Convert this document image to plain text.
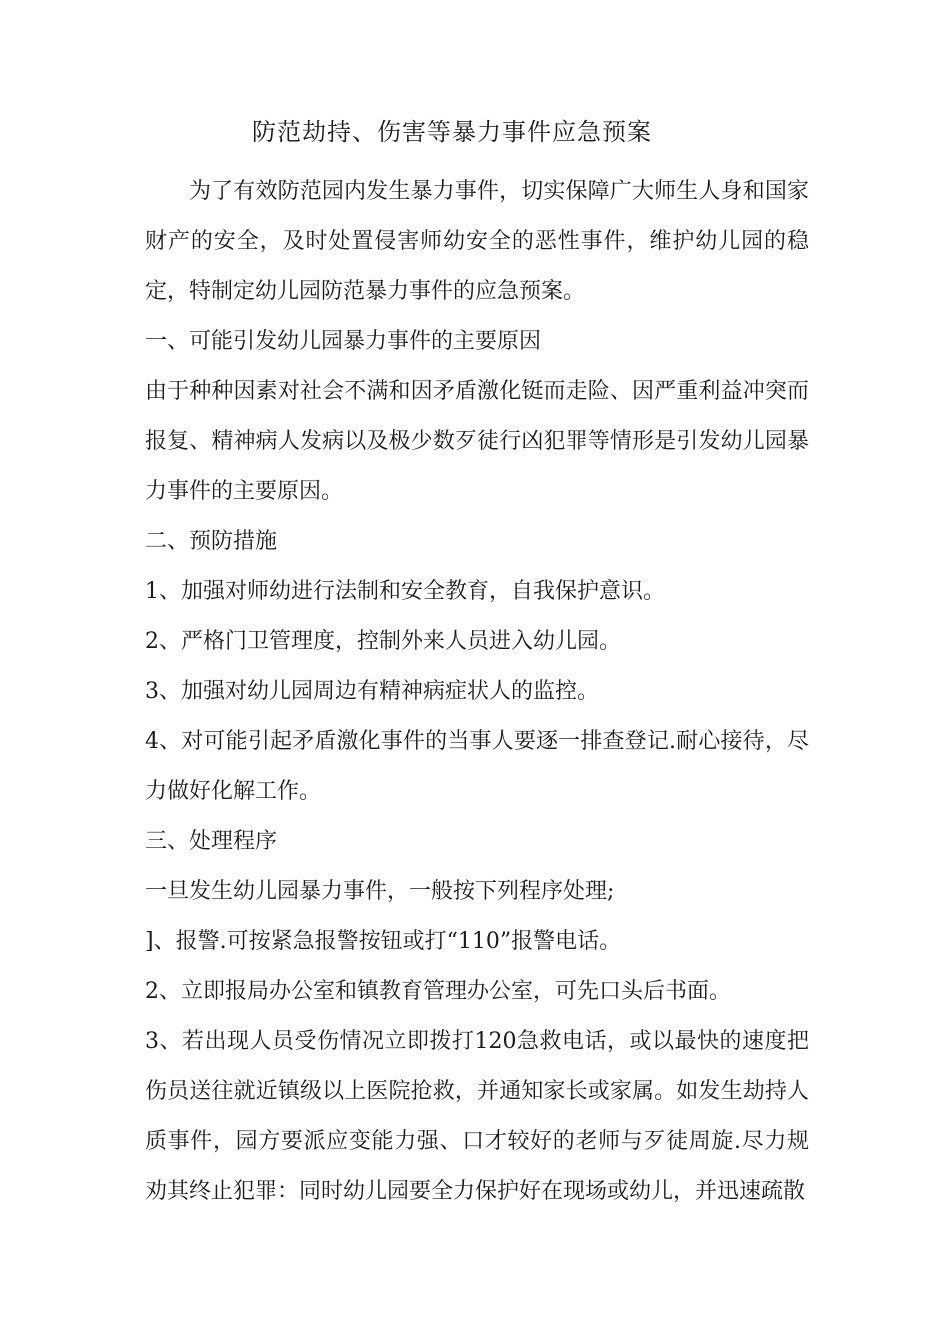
防范劫持、伤害等暴力事件应急预案

为了有效防范园内发生暴力事件，切实保障广大师生人身和国家财产的安全，及时处置侵害师幼安全的恶性事件，维护幼儿园的稳定，特制定幼儿园防范暴力事件的应急预案。

一、可能引发幼儿园暴力事件的主要原因

由于种种因素对社会不满和因矛盾激化铤而走险、因严重利益冲突而报复、精神病人发病以及极少数歹徒行凶犯罪等情形是引发幼儿园暴力事件的主要原因。

二、预防措施

1、加强对师幼进行法制和安全教育，自我保护意识。

2、严格门卫管理度，控制外来人员进入幼儿园。

3、加强对幼儿园周边有精神病症状人的监控。

4、对可能引起矛盾激化事件的当事人要逐一排查登记.耐心接待，尽力做好化解工作。

三、处理程序

一旦发生幼儿园暴力事件，一般按下列程序处理;

]、报警.可按紧急报警按钮或打“110”报警电话。

2、立即报局办公室和镇教育管理办公室，可先口头后书面。

3、若出现人员受伤情况立即拨打120急救电话，或以最快的速度把伤员送往就近镇级以上医院抢救，并通知家长或家属。如发生劫持人质事件，园方要派应变能力强、口才较好的老师与歹徒周旋.尽力规劝其终止犯罪：同时幼儿园要全力保护好在现场或幼儿，并迅速疏散
